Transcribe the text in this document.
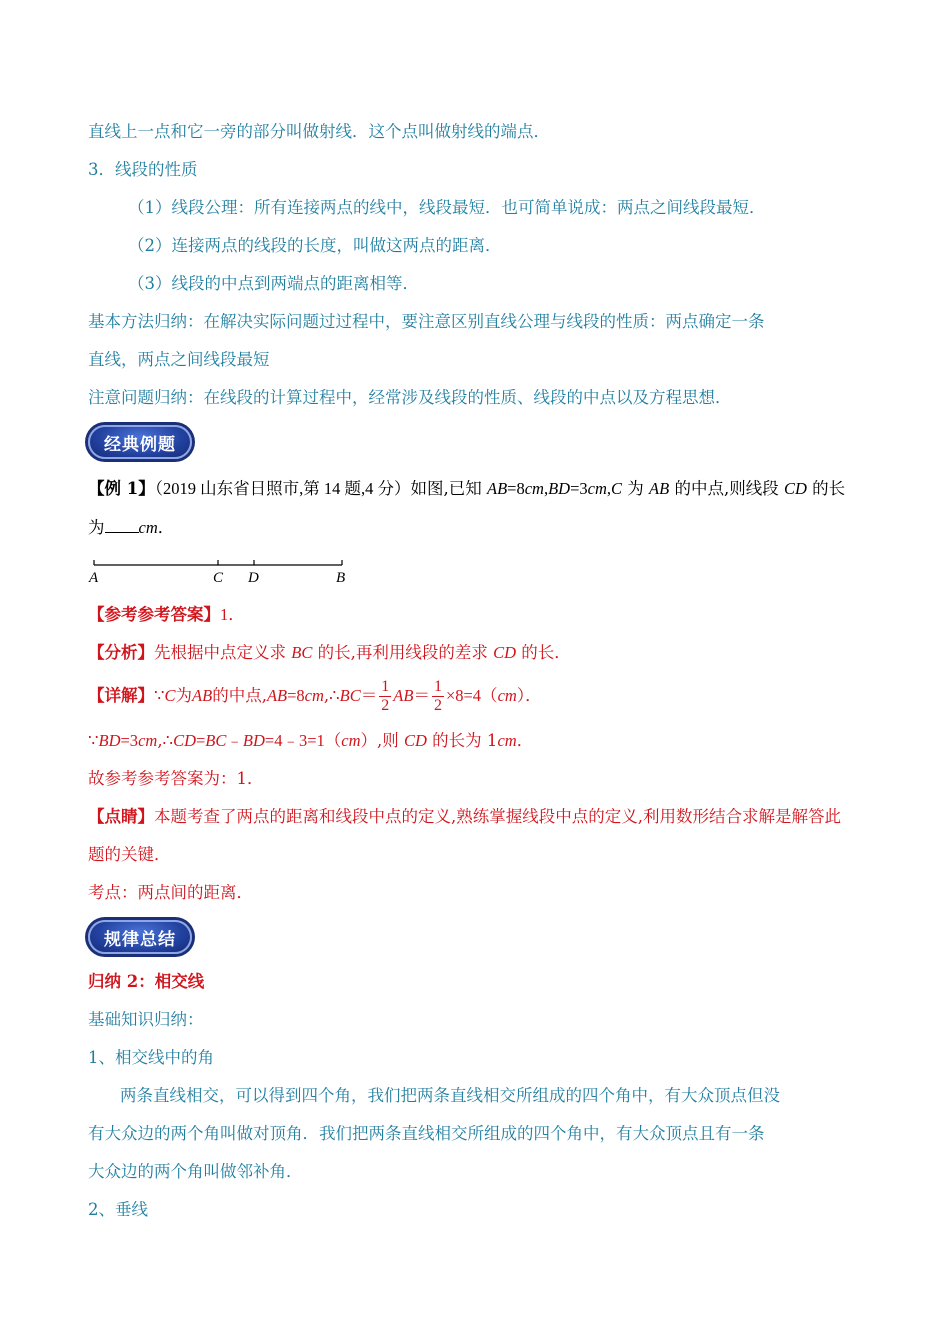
直线上一点和它一旁的部分叫做射线．这个点叫做射线的端点．
3．线段的性质
（1）线段公理：所有连接两点的线中，线段最短．也可简单说成：两点之间线段最短．
（2）连接两点的线段的长度，叫做这两点的距离．
（3）线段的中点到两端点的距离相等．
基本方法归纳：在解决实际问题过过程中，要注意区别直线公理与线段的性质：两点确定一条
直线，两点之间线段最短
注意问题归纳：在线段的计算过程中，经常涉及线段的性质、线段的中点以及方程思想．
经典例题
【例 1】（2019 山东省日照市,第 14 题,4 分）如图,已知 AB=8cm,BD=3cm,C 为 AB 的中点,则线段 CD 的长
为 cm．
A	C D	B
【参考参考答案】1．
【分析】先根据中点定义求 BC 的长,再利用线段的差求 CD 的长．
【详解】 ∵ C 为 AB 的中点, AB =8 cm ,∴ BC ＝ $\frac{1}{2}$ AB ＝ $\frac{1}{2} \times 8=4$（ cm ）．
∵BD=3cm,∴CD=BC﹣BD=4﹣3=1（cm）,则 CD 的长为 1cm．
故参考参考答案为：1．
【点睛】本题考查了两点的距离和线段中点的定义,熟练掌握线段中点的定义,利用数形结合求解是解答此
题的关键．
考点：两点间的距离．
规律总结
归纳 2：相交线
基础知识归纳：
1、相交线中的角
两条直线相交，可以得到四个角，我们把两条直线相交所组成的四个角中，有大众顶点但没
有大众边的两个角叫做对顶角．我们把两条直线相交所组成的四个角中，有大众顶点且有一条
大众边的两个角叫做邻补角．
2、垂线
